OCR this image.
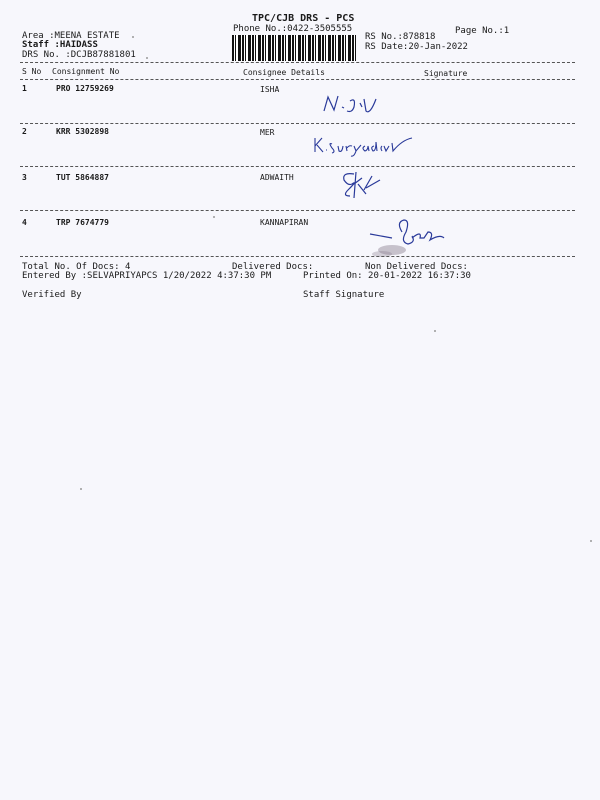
TPC/CJB DRS - PCS
Phone No.:0422-3505555	Page No.:1
Area :MEENA ESTATE
Staff :HAIDASS
DRS No. :DCJB87881801
RS No.:878818
RS Date:20-Jan-2022
S No Consignment No	Consignee Details	Signature
1	PRO 12759269	ISHA
2	KRR 5302898	MER
3	TUT 5864887	ADWAITH
4	TRP 7674779	KANNAPIRAN
Total No. Of Docs: 4	Delivered Docs:	Non Delivered Docs:
Entered By :SELVAPRIYAPCS 1/20/2022 4:37:30 PM	Printed On: 20-01-2022 16:37:30
Verified By	Staff Signature
